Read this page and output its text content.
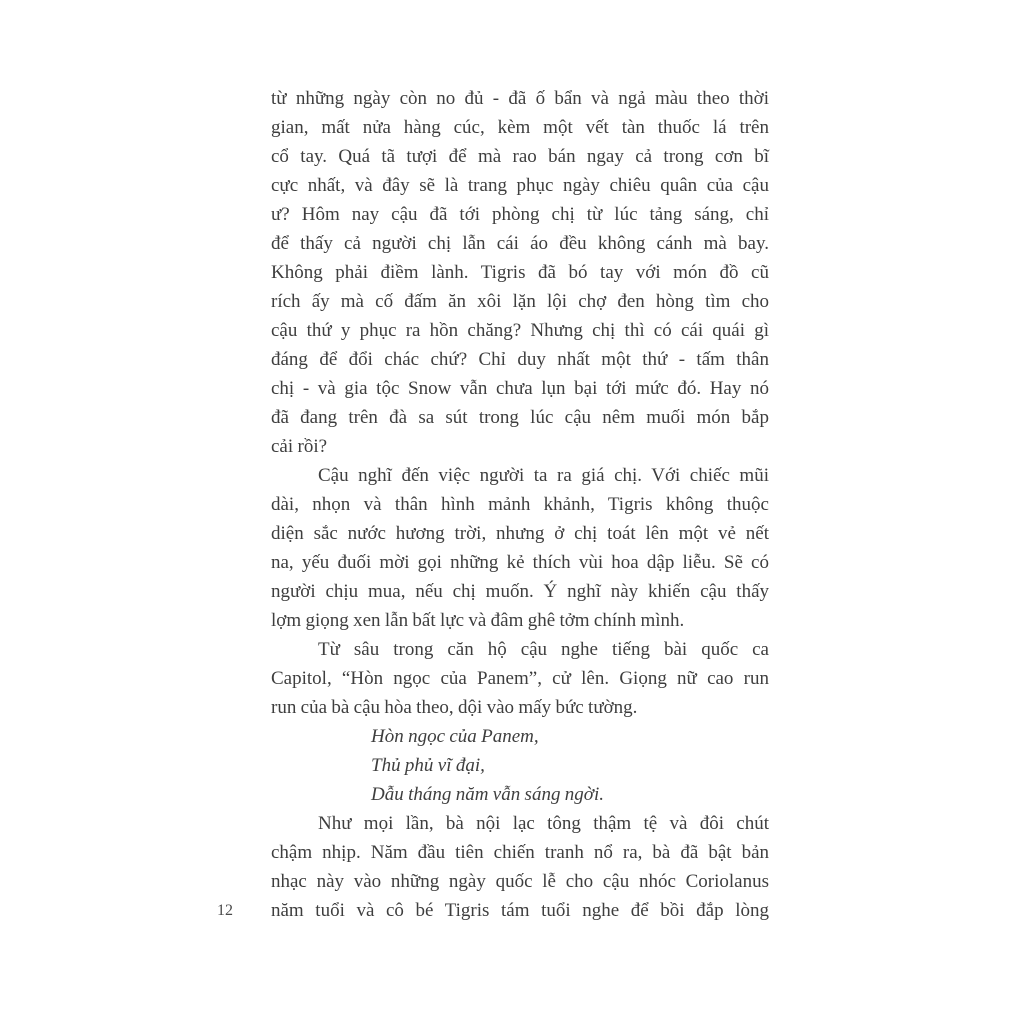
từ những ngày còn no đủ - đã ố bẩn và ngả màu theo thời
gian, mất nửa hàng cúc, kèm một vết tàn thuốc lá trên
cổ tay. Quá tã tượi để mà rao bán ngay cả trong cơn bĩ
cực nhất, và đây sẽ là trang phục ngày chiêu quân của cậu
ư? Hôm nay cậu đã tới phòng chị từ lúc tảng sáng, chỉ
để thấy cả người chị lẫn cái áo đều không cánh mà bay.
Không phải điềm lành. Tigris đã bó tay với món đồ cũ
rích ấy mà cố đấm ăn xôi lặn lội chợ đen hòng tìm cho
cậu thứ y phục ra hồn chăng? Nhưng chị thì có cái quái gì
đáng để đổi chác chứ? Chỉ duy nhất một thứ - tấm thân
chị - và gia tộc Snow vẫn chưa lụn bại tới mức đó. Hay nó
đã đang trên đà sa sút trong lúc cậu nêm muối món bắp
cải rồi?
Cậu nghĩ đến việc người ta ra giá chị. Với chiếc mũi
dài, nhọn và thân hình mảnh khảnh, Tigris không thuộc
diện sắc nước hương trời, nhưng ở chị toát lên một vẻ nết
na, yếu đuối mời gọi những kẻ thích vùi hoa dập liễu. Sẽ có
người chịu mua, nếu chị muốn. Ý nghĩ này khiến cậu thấy
lợm giọng xen lẫn bất lực và đâm ghê tởm chính mình.
Từ sâu trong căn hộ cậu nghe tiếng bài quốc ca
Capitol, “Hòn ngọc của Panem”, cử lên. Giọng nữ cao run
run của bà cậu hòa theo, dội vào mấy bức tường.
Hòn ngọc của Panem,
Thủ phủ vĩ đại,
Dẫu tháng năm vẫn sáng ngời.
Như mọi lần, bà nội lạc tông thậm tệ và đôi chút
chậm nhịp. Năm đầu tiên chiến tranh nổ ra, bà đã bật bản
nhạc này vào những ngày quốc lễ cho cậu nhóc Coriolanus
năm tuổi và cô bé Tigris tám tuổi nghe để bồi đắp lòng
12
